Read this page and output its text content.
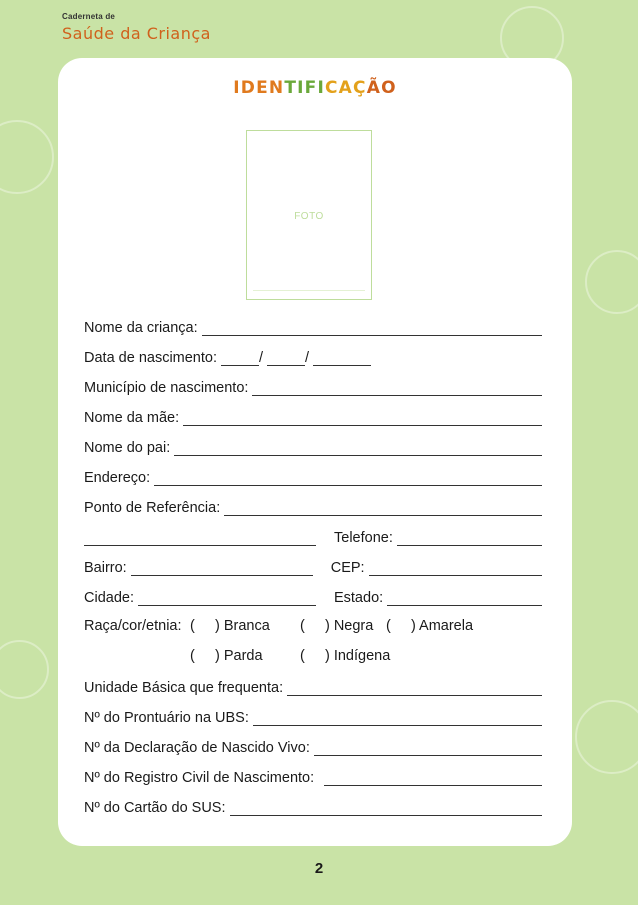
Caderneta de
Saúde da Criança
IDENTIFICAÇÃO
FOTO
Nome da criança:
Data de nascimento:	/	/
Município de nascimento:
Nome da mãe:
Nome do pai:
Endereço:
Ponto de Referência:
Telefone:
Bairro:	CEP:
Cidade:	Estado:
Raça/cor/etnia: (     ) Branca (     ) Negra (     ) Amarela
(     ) Parda	(     ) Indígena
Unidade Básica que frequenta:
Nº do Prontuário na UBS:
Nº da Declaração de Nascido Vivo:
Nº do Registro Civil de Nascimento:
Nº do Cartão do SUS:
2
